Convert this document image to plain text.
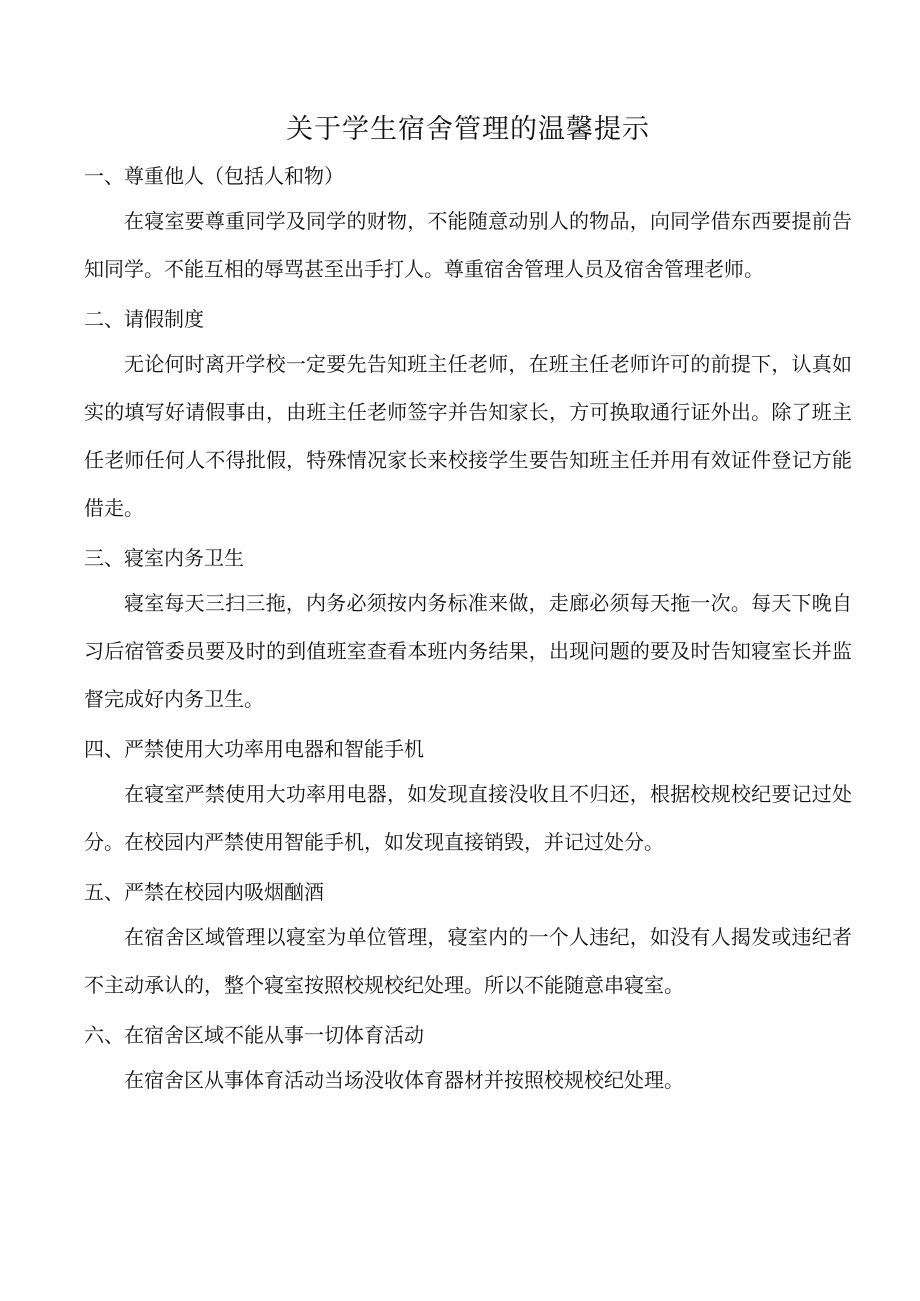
关于学生宿舍管理的温馨提示

一、尊重他人（包括人和物）

在寝室要尊重同学及同学的财物，不能随意动别人的物品，向同学借东西要提前告知同学。不能互相的辱骂甚至出手打人。尊重宿舍管理人员及宿舍管理老师。

二、请假制度

无论何时离开学校一定要先告知班主任老师，在班主任老师许可的前提下，认真如实的填写好请假事由，由班主任老师签字并告知家长，方可换取通行证外出。除了班主任老师任何人不得批假，特殊情况家长来校接学生要告知班主任并用有效证件登记方能借走。

三、寝室内务卫生

寝室每天三扫三拖，内务必须按内务标准来做，走廊必须每天拖一次。每天下晚自习后宿管委员要及时的到值班室查看本班内务结果，出现问题的要及时告知寝室长并监督完成好内务卫生。

四、严禁使用大功率用电器和智能手机

在寝室严禁使用大功率用电器，如发现直接没收且不归还，根据校规校纪要记过处分。在校园内严禁使用智能手机，如发现直接销毁，并记过处分。

五、严禁在校园内吸烟酗酒

在宿舍区域管理以寝室为单位管理，寝室内的一个人违纪，如没有人揭发或违纪者不主动承认的，整个寝室按照校规校纪处理。所以不能随意串寝室。

六、在宿舍区域不能从事一切体育活动

在宿舍区从事体育活动当场没收体育器材并按照校规校纪处理。
